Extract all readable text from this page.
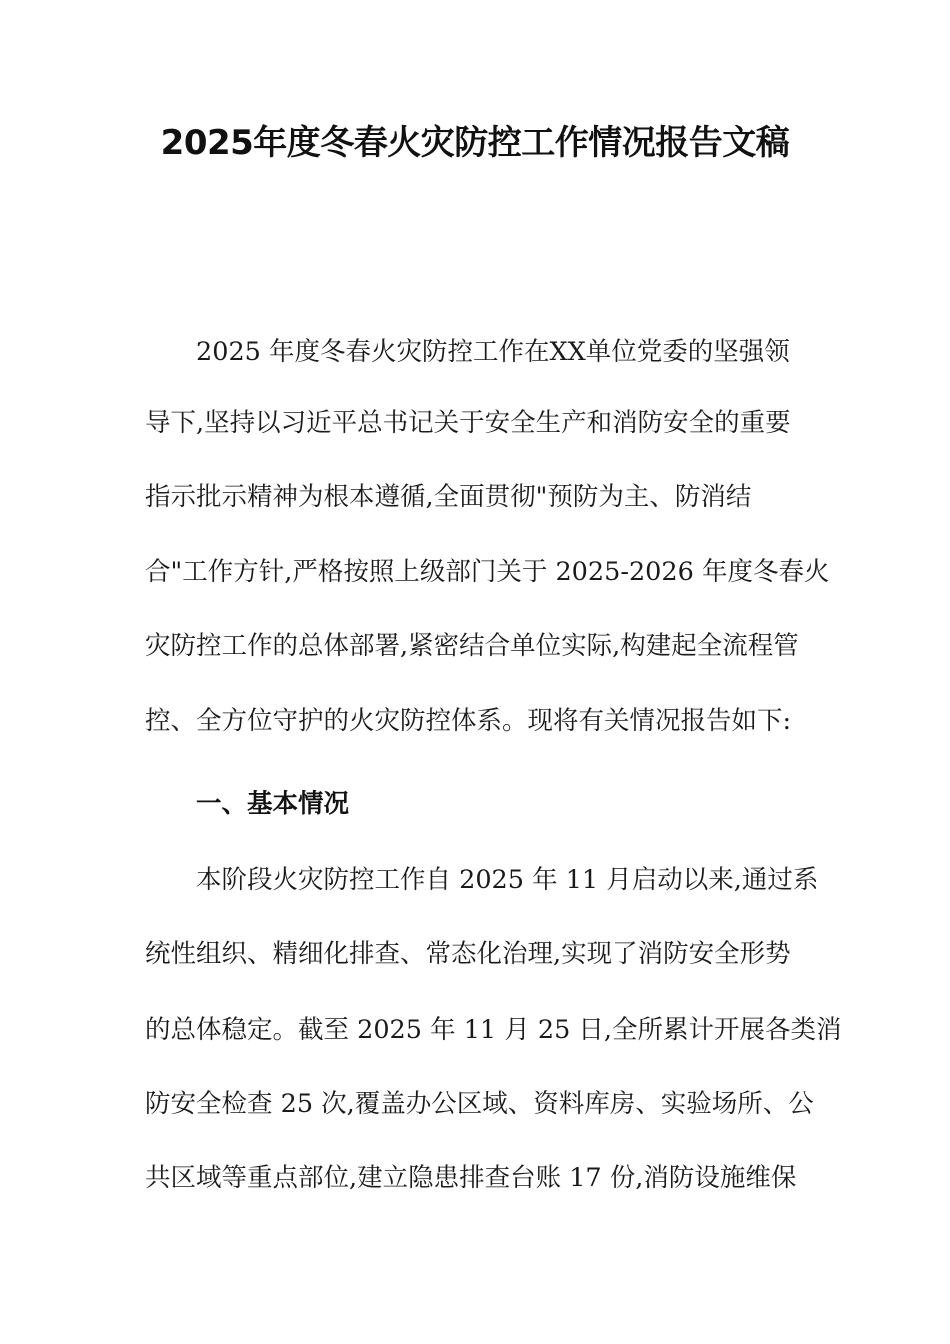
2025年度冬春火灾防控工作情况报告文稿

2025 年度冬春火灾防控工作在XX单位党委的坚强领

导下,坚持以习近平总书记关于安全生产和消防安全的重要

指示批示精神为根本遵循,全面贯彻"预防为主、防消结

合"工作方针,严格按照上级部门关于 2025-2026 年度冬春火

灾防控工作的总体部署,紧密结合单位实际,构建起全流程管

控、全方位守护的火灾防控体系。现将有关情况报告如下:

一、基本情况

本阶段火灾防控工作自 2025 年 11 月启动以来,通过系

统性组织、精细化排查、常态化治理,实现了消防安全形势

的总体稳定。截至 2025 年 11 月 25 日,全所累计开展各类消

防安全检查 25 次,覆盖办公区域、资料库房、实验场所、公

共区域等重点部位,建立隐患排查台账 17 份,消防设施维保
